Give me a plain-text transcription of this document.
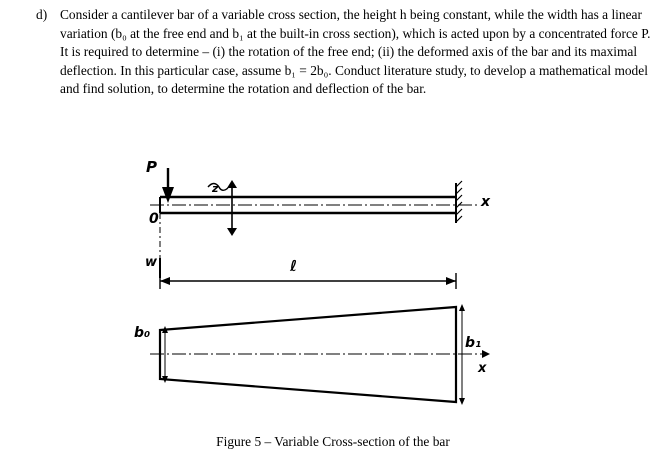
d) Consider a cantilever bar of a variable cross section, the height h being constant, while the width has a linear variation (b₀ at the free end and b₁ at the built-in cross section), which is acted upon by a concentrated force P. It is required to determine – (i) the rotation of the free end; (ii) the deformed axis of the bar and its maximal deflection. In this particular case, assume b₁ = 2b₀. Conduct literature study, to develop a mathematical model and find solution, to determine the rotation and deflection of the bar.
P
x
z
0
w	ℓ
b₀
b₁
x
Figure 5 – Variable Cross-section of the bar
